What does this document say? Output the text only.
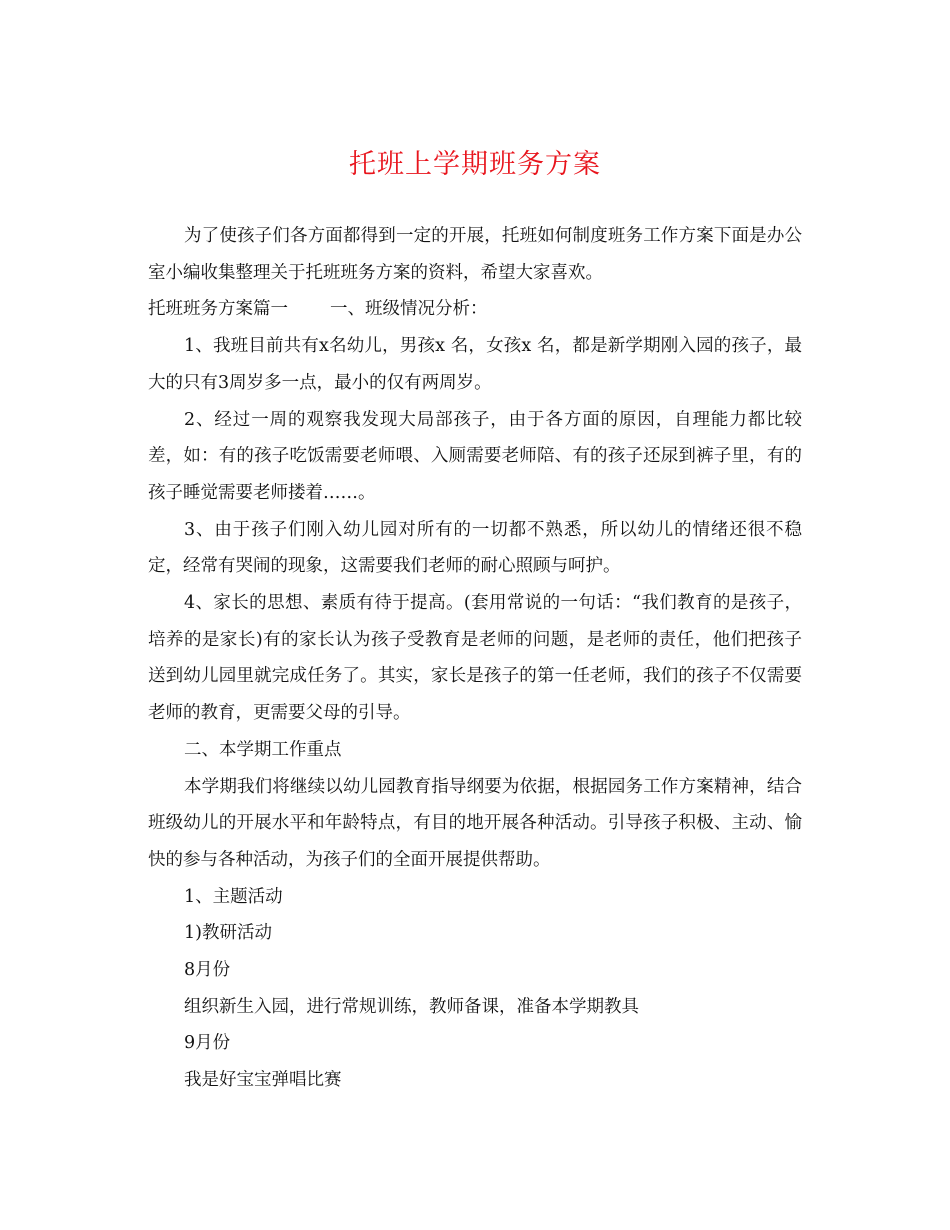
托班上学期班务方案

为了使孩子们各方面都得到一定的开展，托班如何制度班务工作方案下面是办公室小编收集整理关于托班班务方案的资料，希望大家喜欢。

托班班务方案篇一 一、班级情况分析：

1、我班目前共有x名幼儿，男孩x 名，女孩x 名，都是新学期刚入园的孩子，最大的只有3周岁多一点，最小的仅有两周岁。

2、经过一周的观察我发现大局部孩子，由于各方面的原因，自理能力都比较差，如：有的孩子吃饭需要老师喂、入厕需要老师陪、有的孩子还尿到裤子里，有的孩子睡觉需要老师搂着……。

3、由于孩子们刚入幼儿园对所有的一切都不熟悉，所以幼儿的情绪还很不稳定，经常有哭闹的现象，这需要我们老师的耐心照顾与呵护。

4、家长的思想、素质有待于提高。(套用常说的一句话：“我们教育的是孩子，培养的是家长)有的家长认为孩子受教育是老师的问题，是老师的责任，他们把孩子送到幼儿园里就完成任务了。其实，家长是孩子的第一任老师，我们的孩子不仅需要老师的教育，更需要父母的引导。

二、本学期工作重点

本学期我们将继续以幼儿园教育指导纲要为依据，根据园务工作方案精神，结合班级幼儿的开展水平和年龄特点，有目的地开展各种活动。引导孩子积极、主动、愉快的参与各种活动，为孩子们的全面开展提供帮助。

1、主题活动

1)教研活动

8月份

组织新生入园，进行常规训练，教师备课，准备本学期教具

9月份

我是好宝宝弹唱比赛
